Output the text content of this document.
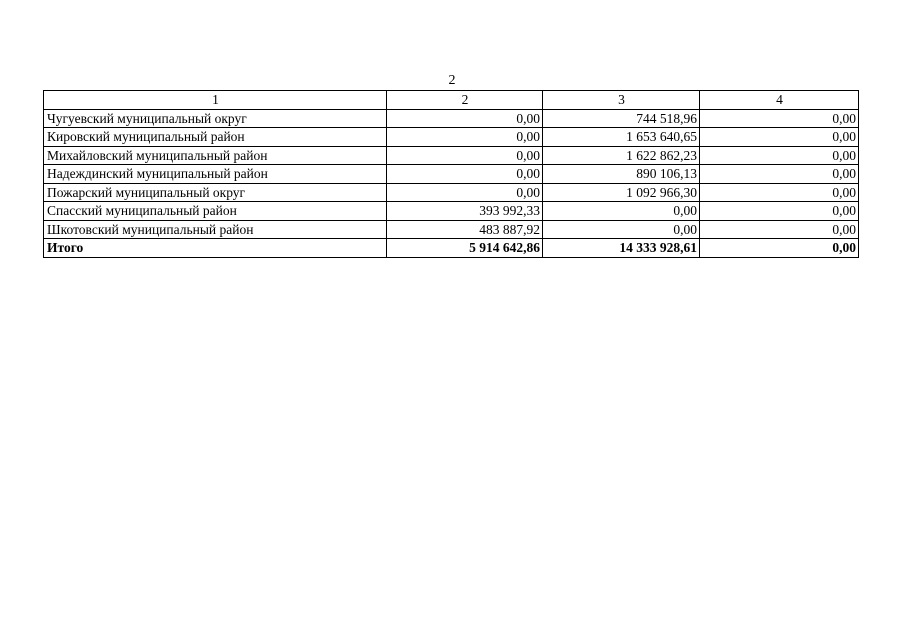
2
1	2	3	4
Чугуевский муниципальный округ	0,00	744 518,96	0,00
Кировский муниципальный район	0,00	1 653 640,65	0,00
Михайловский муниципальный район	0,00	1 622 862,23	0,00
Надеждинский муниципальный район	0,00	890 106,13	0,00
Пожарский муниципальный округ	0,00	1 092 966,30	0,00
Спасский муниципальный район	393 992,33	0,00	0,00
Шкотовский муниципальный район	483 887,92	0,00	0,00
Итого	5 914 642,86	14 333 928,61	0,00
